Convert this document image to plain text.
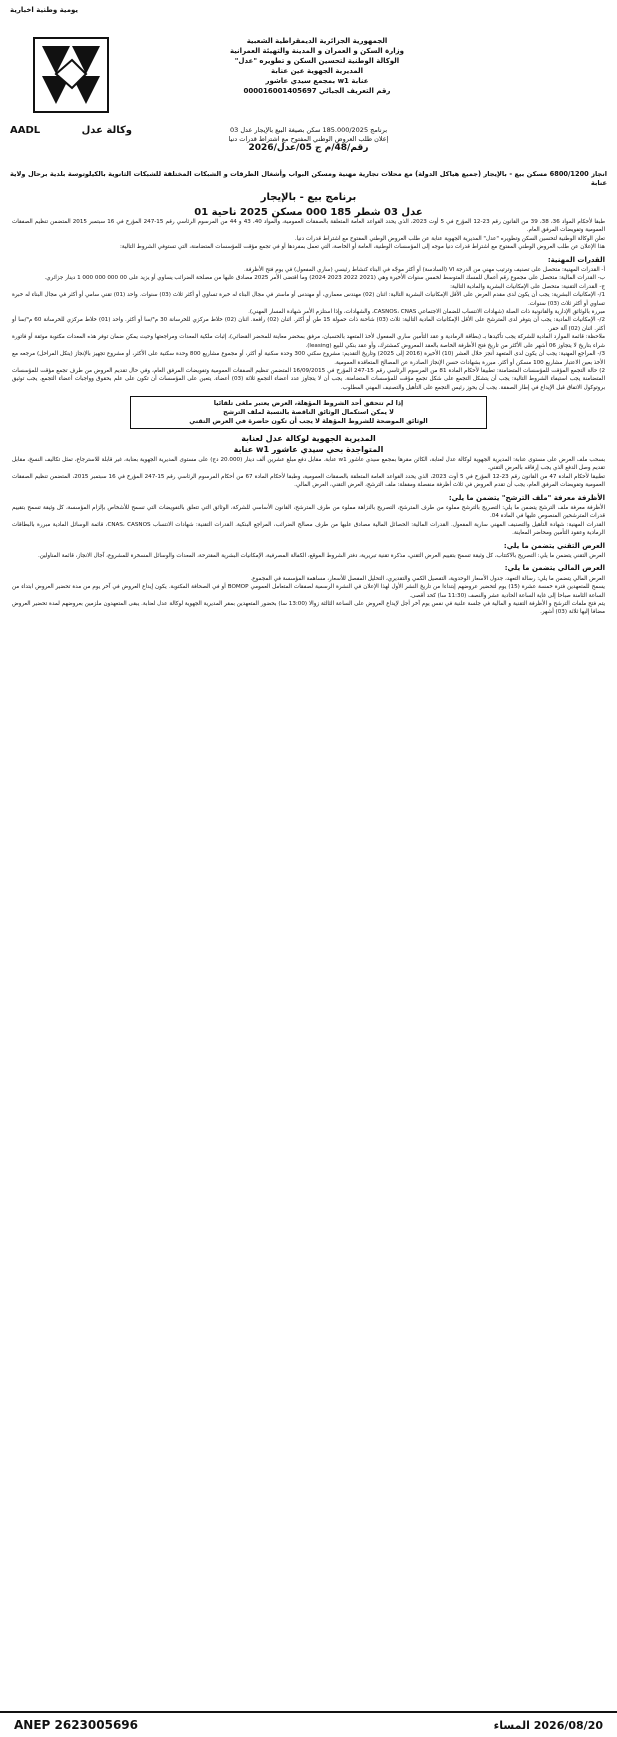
يومية وطنية اخبارية
وكالة عدل
AADL
الجمهورية الجزائرية الديمقراطية الشعبية
وزارة السكن و العمران و المدينة والتهيئة العمرانية
الوكالة الوطنية لتحسين السكن و تطويره "عدل"
المديرية الجهوية عين عنابة
عنابة w1 بمجمع سيدي عاشور
رقم التعريف الجبائي 000016001405697
برنامج 185.000/2025 سكن بصيغة البيع بالإيجار عدل 03
إعلان طلب العروض الوطني المفتوح مع اشتراط قدرات دنيا
رقم/48/م ج 05/عدل/2026
انجاز 6800/1200 مسكن بيع - بالإيجار (جميع هياكل الدولة) مع محلات تجارية مهنية ومسكن البواب وأشغال الطرقات و الشبكات المختلفة للشبكات الثانوية بالكيلوتوسة بلدية برحال ولاية عنابة
برنامج بيع - بالإيجار
عدل 03 شطر 185 000 مسكن 2025 ناحية 01

طبقا لأحكام المواد 36، 38، 39 من القانون رقم 23-12 المؤرخ في 5 أوت 2023، الذي يحدد القواعد العامة المتعلقة بالصفقات العمومية، والمواد 40، 43 و 44 من المرسوم الرئاسي رقم 15-247 المؤرخ في 16 سبتمبر 2015 المتضمن تنظيم الصفقات العمومية وتفويضات المرفق العام.

تعلن الوكالة الوطنية لتحسين السكن وتطويره "عدل" المديرية الجهوية عنابة عن طلب العروض الوطني المفتوح مع اشتراط قدرات دنيا.

هذا الإعلان عن طلب العروض الوطني المفتوح مع اشتراط قدرات دنيا موجه إلى المؤسسات الوطنية، العامة أو الخاصة، التي تعمل بمفردها أو في تجمع مؤقت للمؤسسات المتضامنة، التي تستوفي الشروط التالية:

القدرات المهنية:

أ- القدرات المهنية: متحصل على تصنيف وترتيب مهني من الدرجة VI (السادسة) أو أكثر موجّه في البناء كنشاط رئيسي (ساري المفعول) في يوم فتح الأظرفة.

ب- القدرات المالية: متحصل على مجموع رقم أعمال للمسك المتوسط لخمس سنوات الأخيرة وهي (2021 2022 2023 2024) وما اقتضى الأمر 2025 مصادق عليها من مصلحة الضرائب يساوي أو يزيد على 00 000 000 000 1 دينار جزائري.

ج- القدرات التقنية: متحصل على الإمكانيات البشرية والمادية التالية:

1/- الإمكانيات البشرية: يجب أن يكون لدى مقدم العرض على الأقل الإمكانيات البشرية التالية: اثنان (02) مهندس معماري، أو مهندس أو ماستر في مجال البناء له خبرة تساوي أو أكثر ثلاث (03) سنوات. واحد (01) تقني سامي أو أكثر في مجال البناء له خبرة تساوي أو أكثر ثلاث (03) سنوات.

مبررة بالوثائق الإدارية والقانونية ذات الصلة (شهادات الانتساب للضمان الاجتماعي CASNOS، CNAS، والشهادات، وإذا استلزم الأمر شهادة المسار المهني).

2/- الإمكانيات المادية: يجب أن يتوفر لدى المترشح على الأقل الإمكانيات المادية التالية: ثلاث (03) شاحنة ذات حمولة 15 طن أو أكثر. اثنان (02) رافعة. اثنان (02) خلاط مركزي للخرسانة 30 م³/سا أو أكثر. واحد (01) خلاط مركزي للخرسانة 60 م³/سا أو أكثر. اثنان (02) آلة حفر.

ملاحظة: قائمة الموارد المادية للشركة يجب تأكيدها بـ (بطاقة الرمادية و عقد التأمين ساري المفعول لأخذ المتعهد بالحسبان، مرفق بمحضر معاينة للمحضر القضائي)، إثبات ملكية المعدات ومراجعتها وحيث يمكن ضمان توفر هذه المعدات مكتوبة موثقة أو فاتورة شراء بتاريخ لا يتجاوز 06 أشهر على الأكثر من تاريخ فتح الأظرفة الخاصة بالعقد المعروض كمشترك، وأو عقد بنكي للبيع (leasing).

3/- المراجع المهنية: يجب أن يكون لدى المتعهد أنجز خلال العشر (10) الأخيرة (2016 إلى 2025) وتاريخ التقديم: مشروع سكني 300 وحدة سكنية أو أكثر، أو مجموع مشاريع 800 وحدة سكنية على الأكثر، أو مشروع تجهيز بالإنجاز (ينكل المراحل) مرجعه مع الأخذ بعين الاعتبار مشاريع 100 مسكن أو أكثر. مبررة بشهادات حسن الإنجاز الصادرة عن المصالح المتعاقدة العمومية.

2) حالة التجمع المؤقت للمؤسسات المتضامنة: تطبيقا لأحكام المادة 81 من المرسوم الرئاسي رقم 15-247 المؤرخ في 16/09/2015 المتضمن تنظيم الصفقات العمومية وتفويضات المرفق العام، وفي حال تقديم العروض من طرف تجمع مؤقت للمؤسسات المتضامنة يجب استيفاء الشروط التالية: يجب أن يتشكل التجمع على شكل تجمع مؤقت للمؤسسات المتضامنة. يجب أن لا يتجاوز عدد أعضاء التجمع ثلاثة (03) أعضاء. يتعين على المؤسسات أن تكون على علم بحقوق وواجبات أعضاء التجمع. يجب توثيق بروتوكول الاتفاق قبل الإيداع في إطار الصفقة. يجب أن يحوز رئيس التجمع على التأهيل والتصنيف المهني المطلوب.

إذا لم تتحقق أحد الشروط المؤهلة، العرض يعتبر ملغى تلقائيا
لا يمكن استكمال الوثائق الناقصة بالنسبة لملف الترشح
الوثائق الموضحة للشروط المؤهلة لا يجب أن تكون حاضرة في العرض التقني
المديرية الجهوية لوكالة عدل لعنابة
المتواجدة بحي سيدي عاشور w1 عنابة

بسحب ملف العرض على مستوى عنابة: المديرية الجهوية لوكالة عدل لعنابة، الكائن مقرها بمجمع سيدي عاشور w1 عنابة. مقابل دفع مبلغ عشرين ألف دينار (20.000 دج) على مستوى المديرية الجهوية بعنابة، غير قابلة للاسترجاع، تمثل تكاليف النسخ، مقابل تقديم وصل الدفع الذي يجب إرفاقه بالعرض التقني.

تطبيقا لأحكام المادة 47 من القانون رقم 23-12 المؤرخ في 5 أوت 2023، الذي يحدد القواعد العامة المتعلقة بالصفقات العمومية، وطبقا لأحكام المادة 67 من أحكام المرسوم الرئاسي رقم 15-247 المؤرخ في 16 سبتمبر 2015، المتضمن تنظيم الصفقات العمومية وتفويضات المرفق العام، يجب أن تقدم العروض في ثلاث أظرفة منفصلة ومقفلة: ملف الترشح، العرض التقني، العرض المالي.

الأظرفة معرفة "ملف الترشح" يتضمن ما يلي:

الأظرفة معرفة ملف الترشح يتضمن ما يلي: التصريح بالترشح مملوء من طرف المترشح، التصريح بالنزاهة مملوء من طرف المترشح، القانون الأساسي للشركة، الوثائق التي تتعلق بالتفويضات التي تسمح للأشخاص بإلزام المؤسسة، كل وثيقة تسمح بتقييم قدرات المترشحين المنصوص عليها في المادة 04.

القدرات المهنية: شهادة التأهيل والتصنيف المهني سارية المفعول. القدرات المالية: الحصائل المالية مصادق عليها من طرف مصالح الضرائب، المراجع البنكية. القدرات التقنية: شهادات الانتساب CNAS، CASNOS، قائمة الوسائل المادية مبررة بالبطاقات الرمادية وعقود التأمين ومحاضر المعاينة.

العرض التقني يتضمن ما يلي:

العرض التقني يتضمن ما يلي: التصريح بالاكتتاب، كل وثيقة تسمح بتقييم العرض التقني، مذكرة تقنية تبريرية، دفتر الشروط الموقع، الكفالة المصرفية، الإمكانيات البشرية المقترحة، المعدات والوسائل المسخرة للمشروع، آجال الانجاز، قائمة المناولين.

العرض المالي يتضمن ما يلي:

العرض المالي يتضمن ما يلي: رسالة التعهد، جدول الأسعار الوحدوية، التفصيل الكمي والتقديري، التحليل المفصل للأسعار، مساهمة المؤسسة في المجموع.

يسمح للمتعهدين فترة خمسة عشرة (15) يوم لتحضير عروضهم إبتداءا من تاريخ النشر الأول لهذا الإعلان في النشرة الرسمية لصفقات المتعامل العمومي BOMOP أو في الصحافة المكتوبة. يكون إيداع العروض في آخر يوم من مدة تحضير العروض ابتداء من الساعة الثامنة صباحا إلى غاية الساعة الحادية عشر والنصف (11:30 سا) كحد أقصى.

يتم فتح ملفات الترشح و الأظرفة التقنية و المالية في جلسة علنية في نفس يوم آخر أجل لإيداع العروض على الساعة الثالثة زوالا (13:00 سا) بحضور المتعهدين بمقر المديرية الجهوية لوكالة عدل لعنابة. يبقى المتعهدون ملزمين بعروضهم لمدة تحضير العروض مضافا إليها ثلاثة (03) أشهر.

2026/08/20 المساء
ANEP 2623005696
